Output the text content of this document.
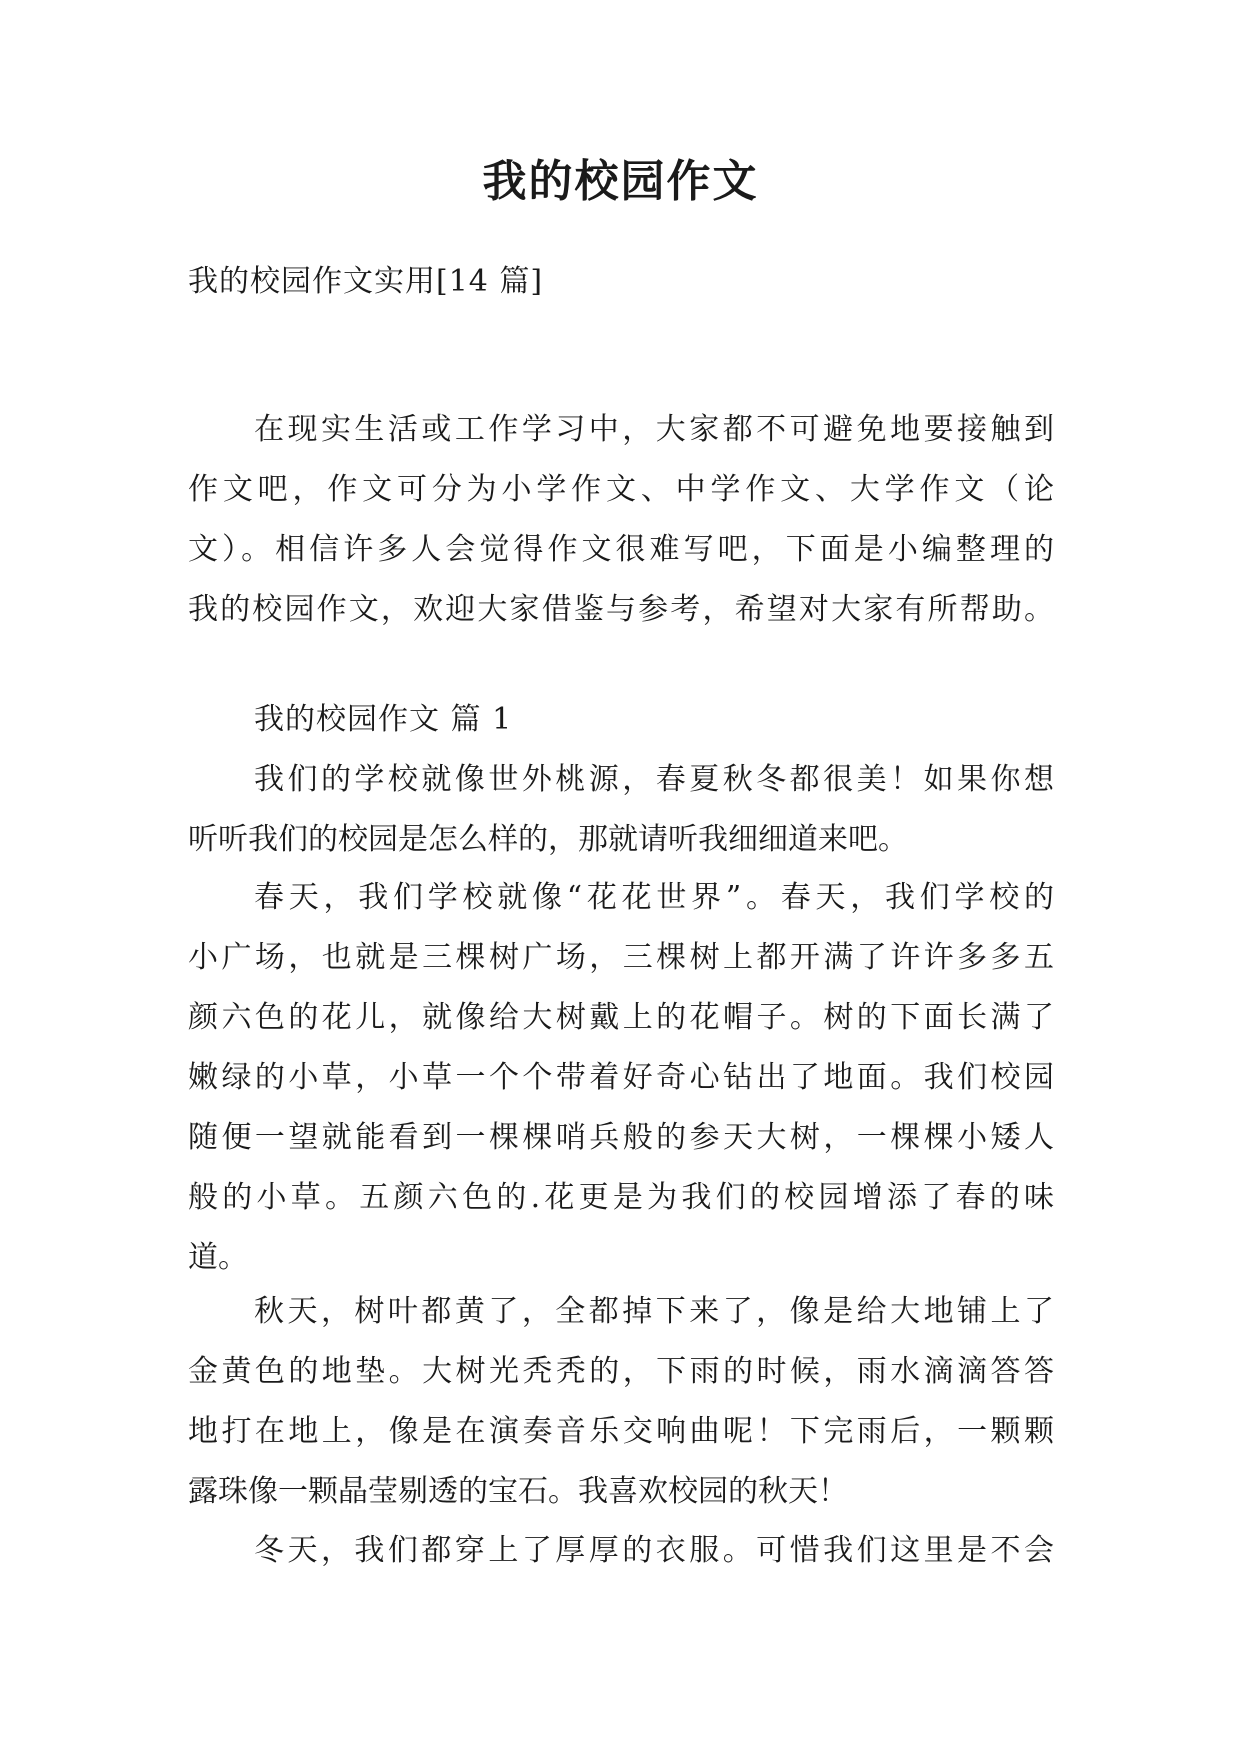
我的校园作文
我的校园作文实用[14 篇]
在现实生活或工作学习中，大家都不可避免地要接触到
作文吧，作文可分为小学作文、中学作文、大学作文（论
文）。相信许多人会觉得作文很难写吧，下面是小编整理的
我的校园作文，欢迎大家借鉴与参考，希望对大家有所帮助。
我的校园作文 篇 1
我们的学校就像世外桃源，春夏秋冬都很美！如果你想
听听我们的校园是怎么样的，那就请听我细细道来吧。
春天，我们学校就像“花花世界”。春天，我们学校的
小广场，也就是三棵树广场，三棵树上都开满了许许多多五
颜六色的花儿，就像给大树戴上的花帽子。树的下面长满了
嫩绿的小草，小草一个个带着好奇心钻出了地面。我们校园
随便一望就能看到一棵棵哨兵般的参天大树，一棵棵小矮人
般的小草。五颜六色的.花更是为我们的校园增添了春的味
道。
秋天，树叶都黄了，全都掉下来了，像是给大地铺上了
金黄色的地垫。大树光秃秃的，下雨的时候，雨水滴滴答答
地打在地上，像是在演奏音乐交响曲呢！下完雨后，一颗颗
露珠像一颗晶莹剔透的宝石。我喜欢校园的秋天！
冬天，我们都穿上了厚厚的衣服。可惜我们这里是不会
